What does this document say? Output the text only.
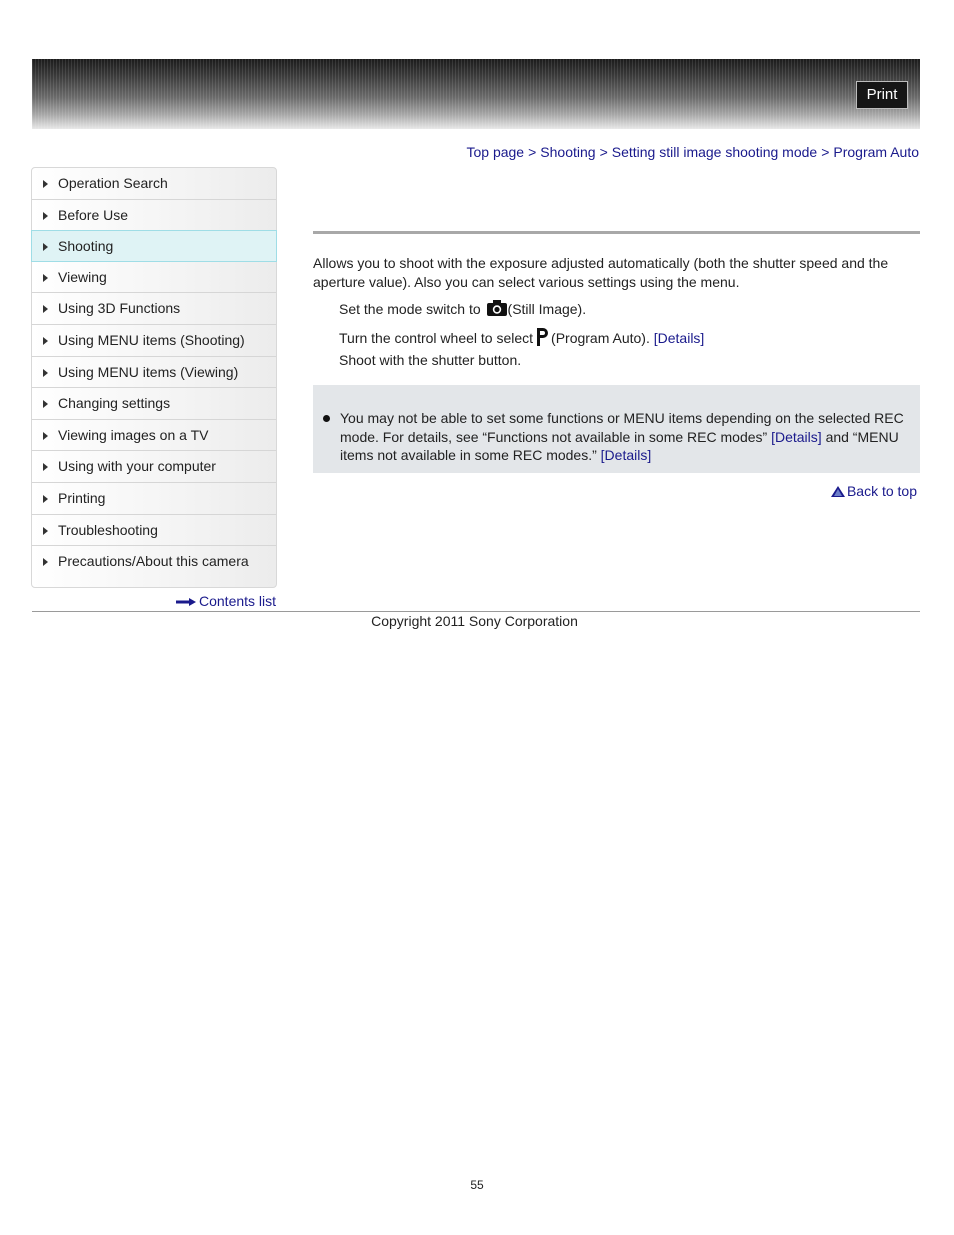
Print
Top page > Shooting > Setting still image shooting mode > Program Auto
Operation Search
Before Use
Shooting
Viewing
Using 3D Functions
Using MENU items (Shooting)
Using MENU items (Viewing)
Changing settings
Viewing images on a TV
Using with your computer
Printing
Troubleshooting
Precautions/About this camera
Contents list
Allows you to shoot with the exposure adjusted automatically (both the shutter speed and the aperture value). Also you can select various settings using the menu.
Set the mode switch to (Still Image).
Turn the control wheel to select (Program Auto). [Details]
Shoot with the shutter button.
You may not be able to set some functions or MENU items depending on the selected REC mode. For details, see “Functions not available in some REC modes” [Details] and “MENU items not available in some REC modes.” [Details]
Back to top
Copyright 2011 Sony Corporation
55
